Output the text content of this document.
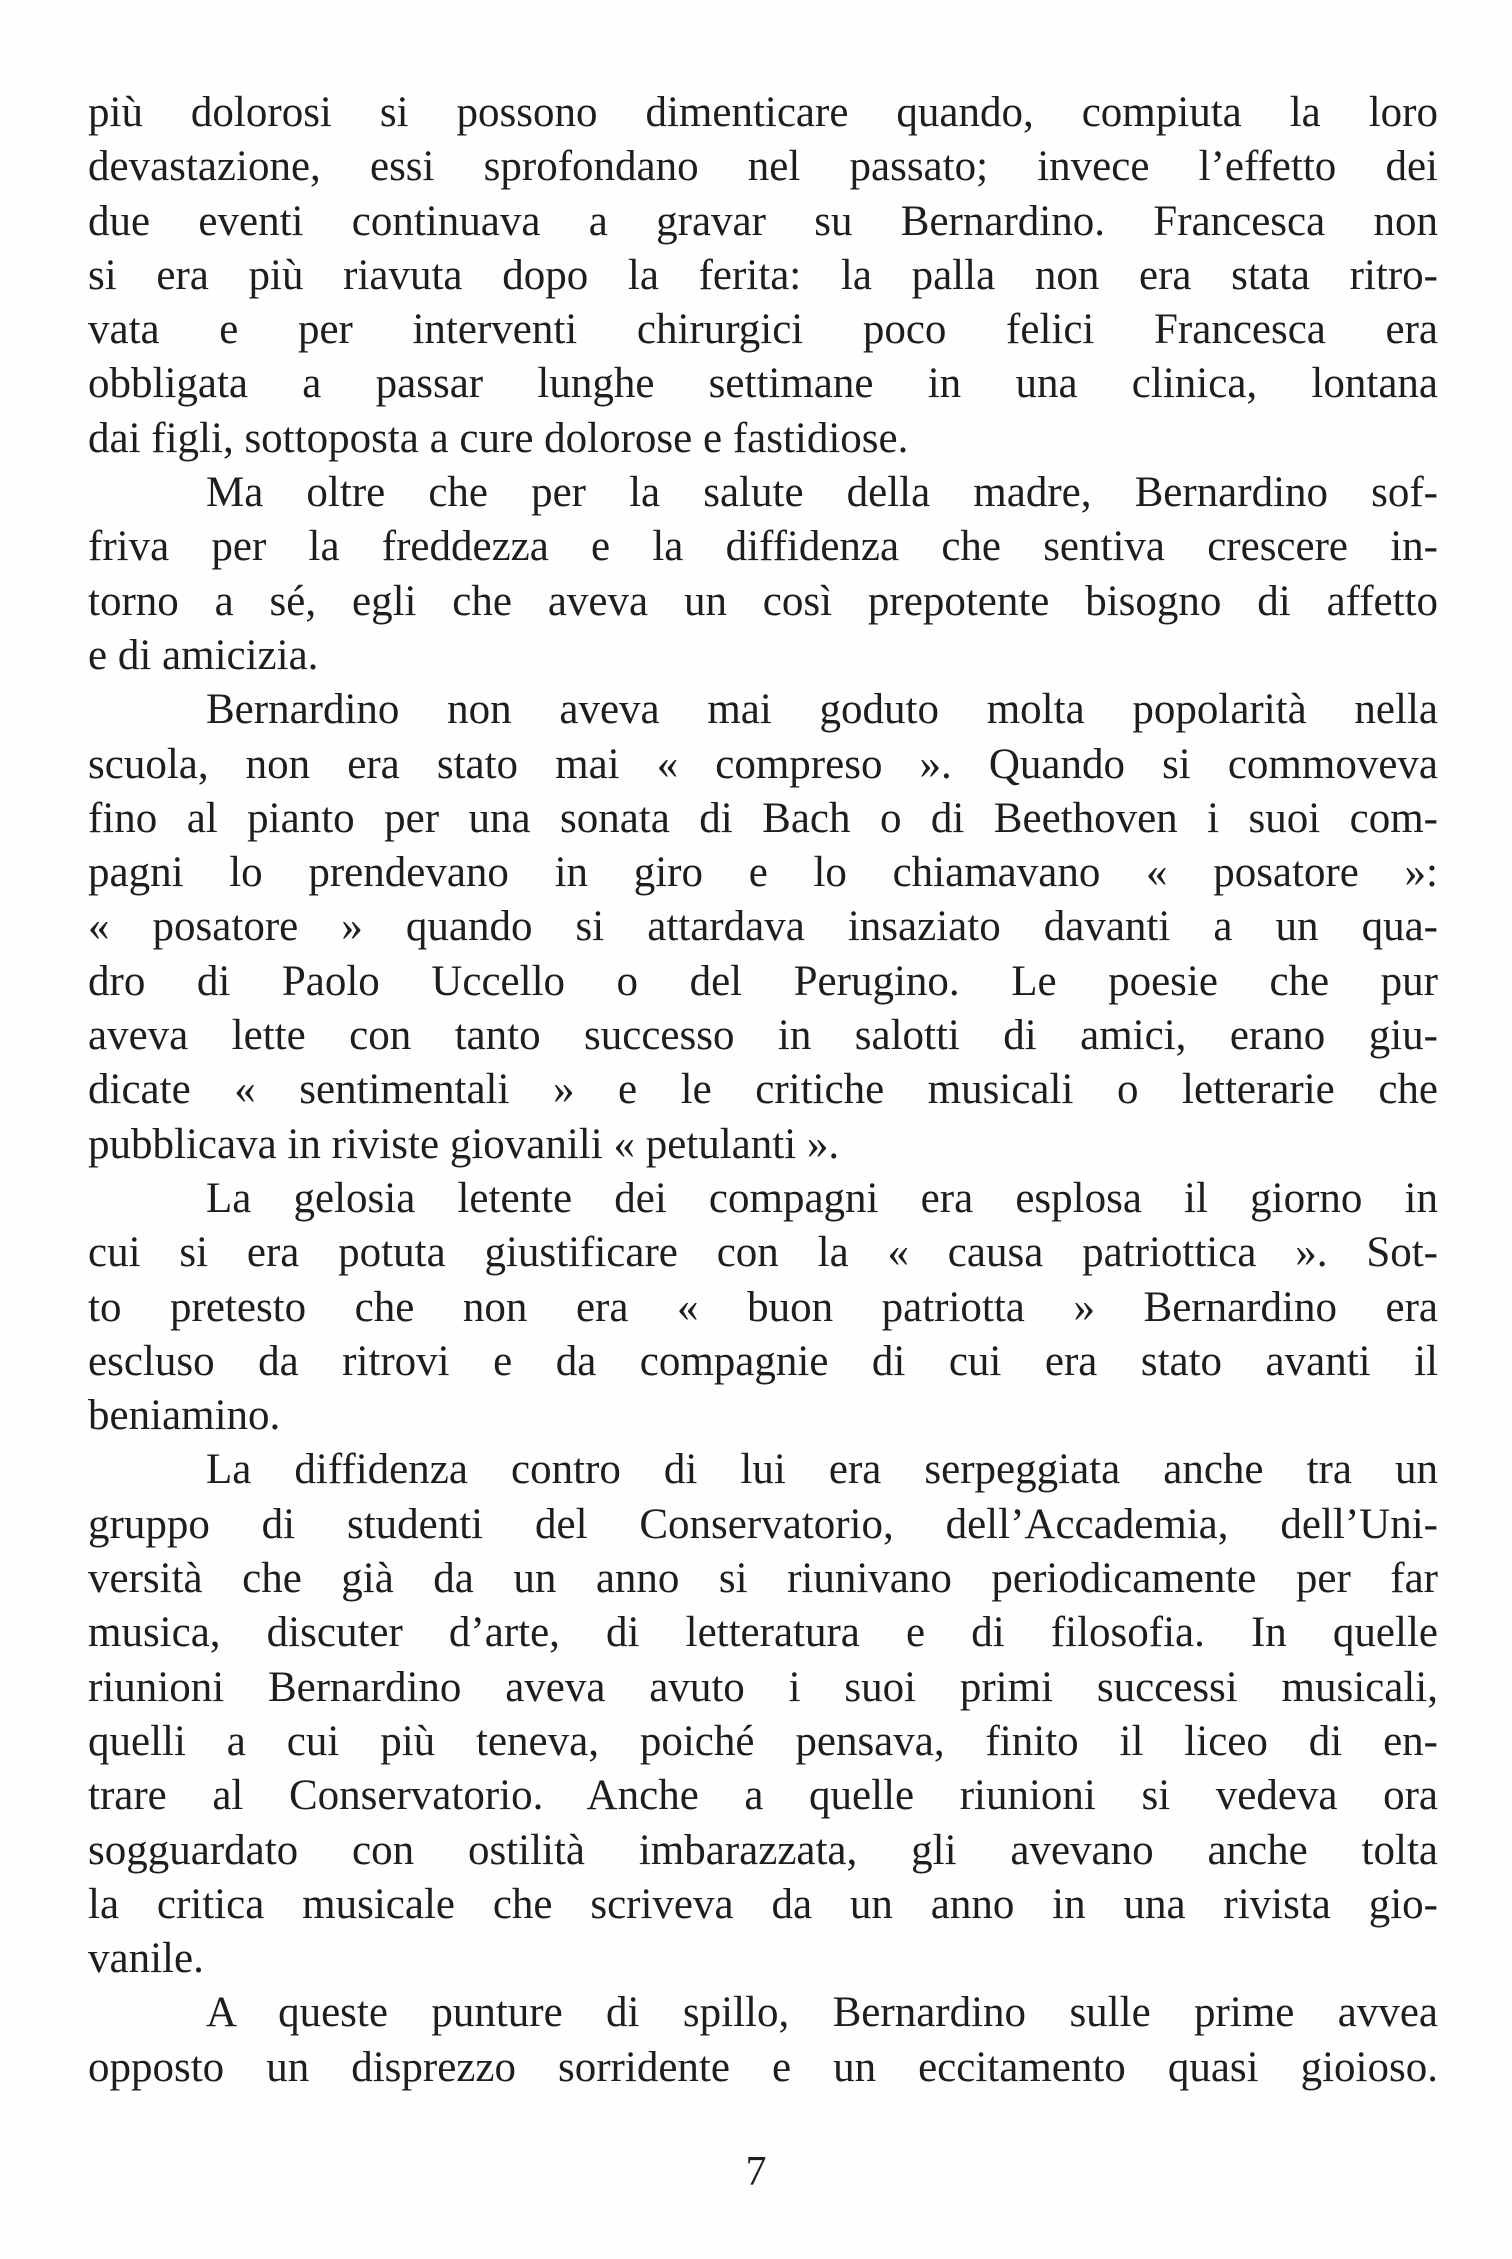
più dolorosi si possono dimenticare quando, compiuta la loro
devastazione, essi sprofondano nel passato; invece l’effetto dei
due eventi continuava a gravar su Bernardino. Francesca non
si era più riavuta dopo la ferita: la palla non era stata ritro-
vata e per interventi chirurgici poco felici Francesca era
obbligata a passar lunghe settimane in una clinica, lontana
dai figli, sottoposta a cure dolorose e fastidiose.
Ma oltre che per la salute della madre, Bernardino sof-
friva per la freddezza e la diffidenza che sentiva crescere in-
torno a sé, egli che aveva un così prepotente bisogno di affetto
e di amicizia.
Bernardino non aveva mai goduto molta popolarità nella
scuola, non era stato mai « compreso ». Quando si commoveva
fino al pianto per una sonata di Bach o di Beethoven i suoi com-
pagni lo prendevano in giro e lo chiamavano « posatore »:
« posatore » quando si attardava insaziato davanti a un qua-
dro di Paolo Uccello o del Perugino. Le poesie che pur
aveva lette con tanto successo in salotti di amici, erano giu-
dicate « sentimentali » e le critiche musicali o letterarie che
pubblicava in riviste giovanili « petulanti ».
La gelosia letente dei compagni era esplosa il giorno in
cui si era potuta giustificare con la « causa patriottica ». Sot-
to pretesto che non era « buon patriotta » Bernardino era
escluso da ritrovi e da compagnie di cui era stato avanti il
beniamino.
La diffidenza contro di lui era serpeggiata anche tra un
gruppo di studenti del Conservatorio, dell’Accademia, dell’Uni-
versità che già da un anno si riunivano periodicamente per far
musica, discuter d’arte, di letteratura e di filosofia. In quelle
riunioni Bernardino aveva avuto i suoi primi successi musicali,
quelli a cui più teneva, poiché pensava, finito il liceo di en-
trare al Conservatorio. Anche a quelle riunioni si vedeva ora
sogguardato con ostilità imbarazzata, gli avevano anche tolta
la critica musicale che scriveva da un anno in una rivista gio-
vanile.
A queste punture di spillo, Bernardino sulle prime avvea
opposto un disprezzo sorridente e un eccitamento quasi gioioso.
7
